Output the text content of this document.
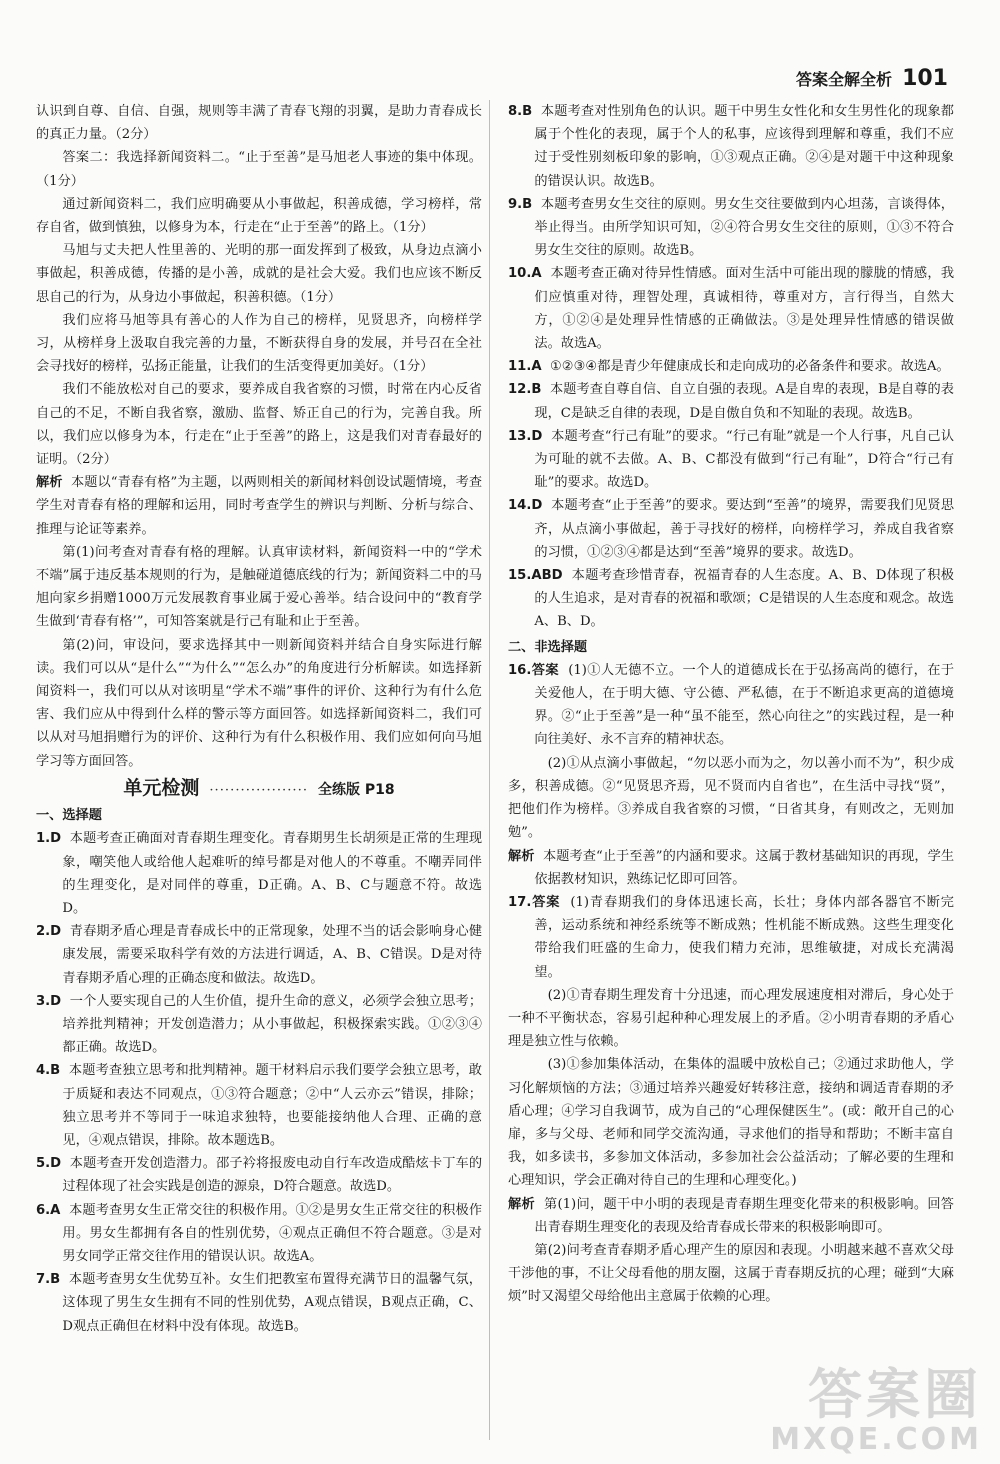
答案全解全析 101

认识到自尊、自信、自强，规则等丰满了青春飞翔的羽翼，是助力青春成长的真正力量。（2分）

答案二：我选择新闻资料二。“止于至善”是马旭老人事迹的集中体现。（1分）

通过新闻资料二，我们应明确要从小事做起，积善成德，学习榜样，常存自省，做到慎独，以修身为本，行走在“止于至善”的路上。（1分）

马旭与丈夫把人性里善的、光明的那一面发挥到了极致，从身边点滴小事做起，积善成德，传播的是小善，成就的是社会大爱。我们也应该不断反思自己的行为，从身边小事做起，积善积德。（1分）

我们应将马旭等具有善心的人作为自己的榜样，见贤思齐，向榜样学习，从榜样身上汲取自我完善的力量，不断获得自身的发展，并号召在全社会寻找好的榜样，弘扬正能量，让我们的生活变得更加美好。（1分）

我们不能放松对自己的要求，要养成自我省察的习惯，时常在内心反省自己的不足，不断自我省察，激励、监督、矫正自己的行为，完善自我。所以，我们应以修身为本，行走在“止于至善”的路上，这是我们对青春最好的证明。（2分）

解析 本题以“青春有格”为主题，以两则相关的新闻材料创设试题情境，考查学生对青春有格的理解和运用，同时考查学生的辨识与判断、分析与综合、推理与论证等素养。

第(1)问考查对青春有格的理解。认真审读材料，新闻资料一中的“学术不端”属于违反基本规则的行为，是触碰道德底线的行为；新闻资料二中的马旭向家乡捐赠1000万元发展教育事业属于爱心善举。结合设问中的“教育学生做到‘青春有格’”，可知答案就是行己有耻和止于至善。

第(2)问，审设问，要求选择其中一则新闻资料并结合自身实际进行解读。我们可以从“是什么”“为什么”“怎么办”的角度进行分析解读。如选择新闻资料一，我们可以从对该明星“学术不端”事件的评价、这种行为有什么危害、我们应从中得到什么样的警示等方面回答。如选择新闻资料二，我们可以从对马旭捐赠行为的评价、这种行为有什么积极作用、我们应如何向马旭学习等方面回答。

单元检测 ··················· 全练版 P18
一、选择题

1.D 本题考查正确面对青春期生理变化。青春期男生长胡须是正常的生理现象，嘲笑他人或给他人起难听的绰号都是对他人的不尊重。不嘲弄同伴的生理变化，是对同伴的尊重，D正确。A、B、C与题意不符。故选D。

2.D 青春期矛盾心理是青春成长中的正常现象，处理不当的话会影响身心健康发展，需要采取科学有效的方法进行调适，A、B、C错误。D是对待青春期矛盾心理的正确态度和做法。故选D。

3.D 一个人要实现自己的人生价值，提升生命的意义，必须学会独立思考；培养批判精神；开发创造潜力；从小事做起，积极探索实践。①②③④都正确。故选D。

4.B 本题考查独立思考和批判精神。题干材料启示我们要学会独立思考，敢于质疑和表达不同观点，①③符合题意；②中“人云亦云”错误，排除；独立思考并不等同于一味追求独特，也要能接纳他人合理、正确的意见，④观点错误，排除。故本题选B。

5.D 本题考查开发创造潜力。邵子衿将报废电动自行车改造成酷炫卡丁车的过程体现了社会实践是创造的源泉，D符合题意。故选D。

6.A 本题考查男女生正常交往的积极作用。①②是男女生正常交往的积极作用。男女生都拥有各自的性别优势，④观点正确但不符合题意。③是对男女同学正常交往作用的错误认识。故选A。

7.B 本题考查男女生优势互补。女生们把教室布置得充满节日的温馨气氛，这体现了男生女生拥有不同的性别优势，A观点错误，B观点正确，C、D观点正确但在材料中没有体现。故选B。

8.B 本题考查对性别角色的认识。题干中男生女性化和女生男性化的现象都属于个性化的表现，属于个人的私事，应该得到理解和尊重，我们不应过于受性别刻板印象的影响，①③观点正确。②④是对题干中这种现象的错误认识。故选B。

9.B 本题考查男女生交往的原则。男女生交往要做到内心坦荡，言谈得体，举止得当。由所学知识可知，②④符合男女生交往的原则，①③不符合男女生交往的原则。故选B。

10.A 本题考查正确对待异性情感。面对生活中可能出现的朦胧的情感，我们应慎重对待，理智处理，真诚相待，尊重对方，言行得当，自然大方，①②④是处理异性情感的正确做法。③是处理异性情感的错误做法。故选A。

11.A ①②③④都是青少年健康成长和走向成功的必备条件和要求。故选A。

12.B 本题考查自尊自信、自立自强的表现。A是自卑的表现，B是自尊的表现，C是缺乏自律的表现，D是自傲自负和不知耻的表现。故选B。

13.D 本题考查“行己有耻”的要求。“行己有耻”就是一个人行事，凡自己认为可耻的就不去做。A、B、C都没有做到“行己有耻”，D符合“行己有耻”的要求。故选D。

14.D 本题考查“止于至善”的要求。要达到“至善”的境界，需要我们见贤思齐，从点滴小事做起，善于寻找好的榜样，向榜样学习，养成自我省察的习惯，①②③④都是达到“至善”境界的要求。故选D。

15.ABD 本题考查珍惜青春，祝福青春的人生态度。A、B、D体现了积极的人生追求，是对青春的祝福和歌颂；C是错误的人生态度和观念。故选A、B、D。

二、非选择题

16.答案 (1)①人无德不立。一个人的道德成长在于弘扬高尚的德行，在于关爱他人，在于明大德、守公德、严私德，在于不断追求更高的道德境界。②“止于至善”是一种“虽不能至，然心向往之”的实践过程，是一种向往美好、永不言弃的精神状态。

(2)①从点滴小事做起，“勿以恶小而为之，勿以善小而不为”，积少成多，积善成德。②“见贤思齐焉，见不贤而内自省也”，在生活中寻找“贤”，把他们作为榜样。③养成自我省察的习惯，“日省其身，有则改之，无则加勉”。

解析 本题考查“止于至善”的内涵和要求。这属于教材基础知识的再现，学生依据教材知识，熟练记忆即可回答。

17.答案 (1)青春期我们的身体迅速长高，长壮；身体内部各器官不断完善，运动系统和神经系统等不断成熟；性机能不断成熟。这些生理变化带给我们旺盛的生命力，使我们精力充沛，思维敏捷，对成长充满渴望。

(2)①青春期生理发育十分迅速，而心理发展速度相对滞后，身心处于一种不平衡状态，容易引起种种心理发展上的矛盾。②小明青春期的矛盾心理是独立性与依赖。

(3)①参加集体活动，在集体的温暖中放松自己；②通过求助他人，学习化解烦恼的方法；③通过培养兴趣爱好转移注意，接纳和调适青春期的矛盾心理；④学习自我调节，成为自己的“心理保健医生”。(或：敞开自己的心扉，多与父母、老师和同学交流沟通，寻求他们的指导和帮助；不断丰富自我，如多读书，多参加文体活动，多参加社会公益活动；了解必要的生理和心理知识，学会正确对待自己的生理和心理变化。)

解析 第(1)问，题干中小明的表现是青春期生理变化带来的积极影响。回答出青春期生理变化的表现及给青春成长带来的积极影响即可。

第(2)问考查青春期矛盾心理产生的原因和表现。小明越来越不喜欢父母干涉他的事，不让父母看他的朋友圈，这属于青春期反抗的心理；碰到“大麻烦”时又渴望父母给他出主意属于依赖的心理。

答案圈
MXQE.COM
